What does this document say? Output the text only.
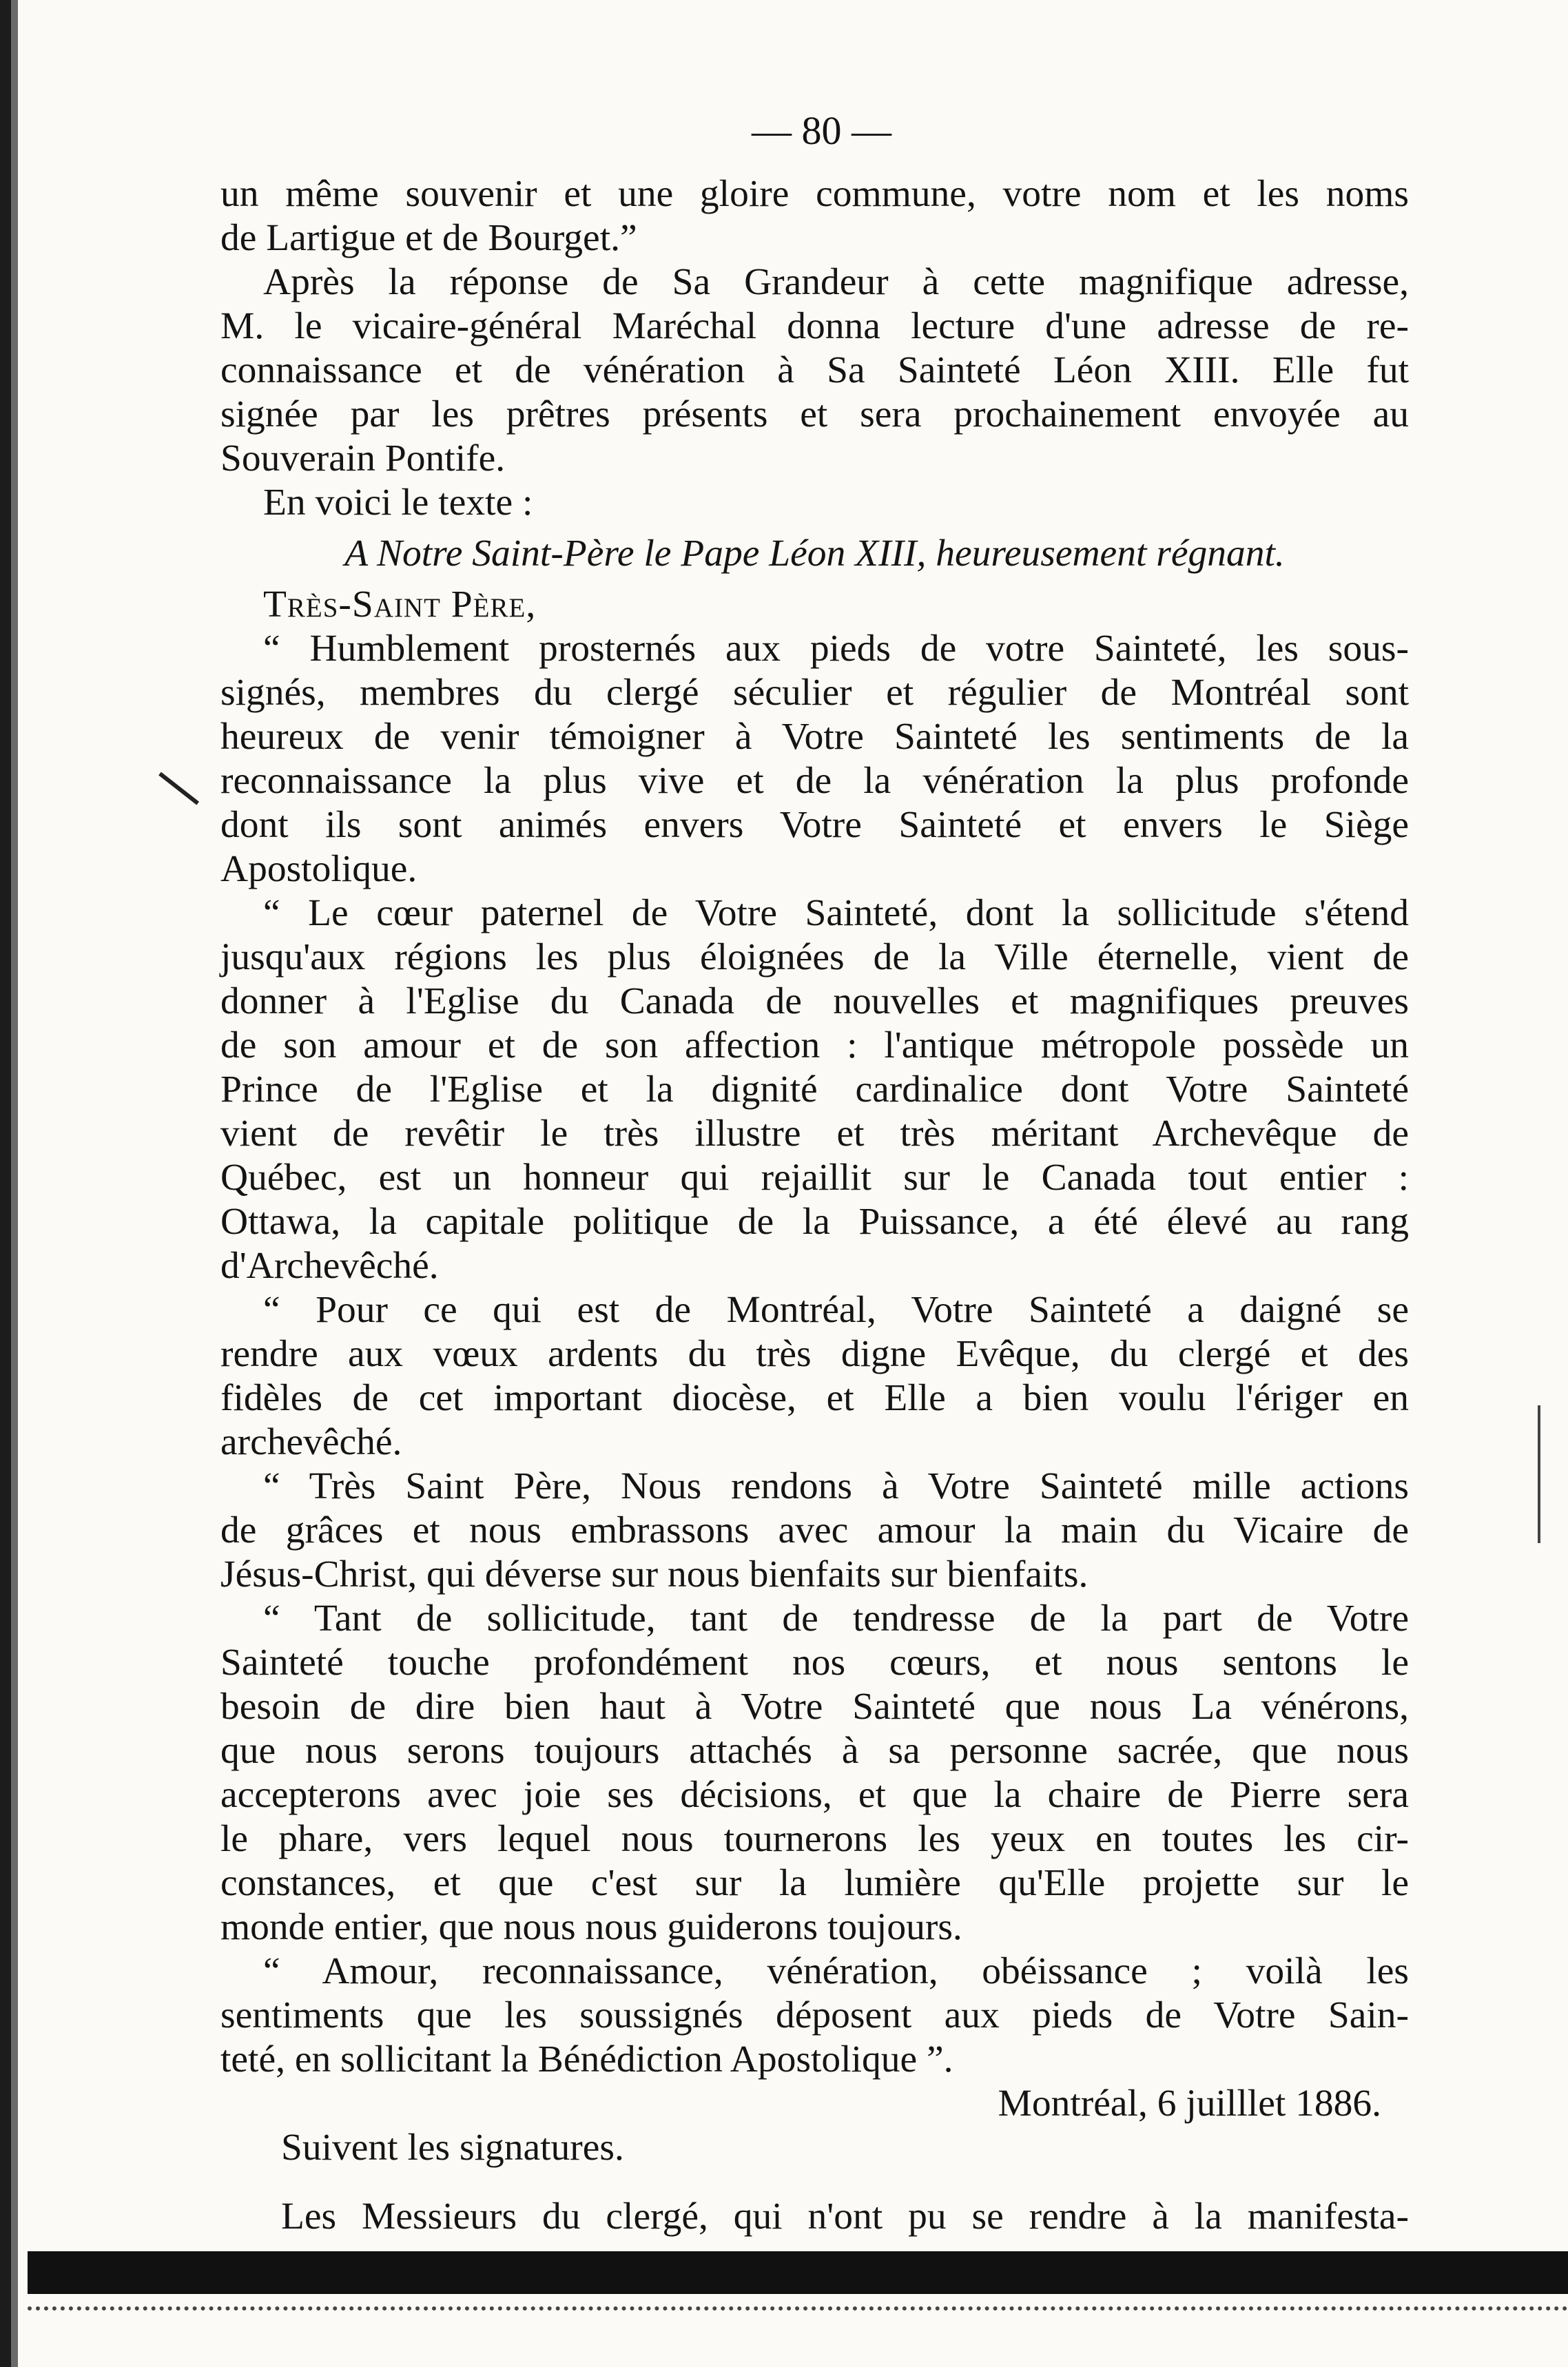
— 80 —

un même souvenir et une gloire commune, votre nom et les noms

de Lartigue et de Bourget.”

Après la réponse de Sa Grandeur à cette magnifique adresse,

M. le vicaire-général Maréchal donna lecture d'une adresse de re-

connaissance et de vénération à Sa Sainteté Léon XIII. Elle fut

signée par les prêtres présents et sera prochainement envoyée au

Souverain Pontife.

En voici le texte :

A Notre Saint-Père le Pape Léon XIII, heureusement régnant.

Très-Saint Père,

“ Humblement prosternés aux pieds de votre Sainteté, les sous-

signés, membres du clergé séculier et régulier de Montréal sont

heureux de venir témoigner à Votre Sainteté les sentiments de la

reconnaissance la plus vive et de la vénération la plus profonde

dont ils sont animés envers Votre Sainteté et envers le Siège

Apostolique.

“ Le cœur paternel de Votre Sainteté, dont la sollicitude s'étend

jusqu'aux régions les plus éloignées de la Ville éternelle, vient de

donner à l'Eglise du Canada de nouvelles et magnifiques preuves

de son amour et de son affection : l'antique métropole possède un

Prince de l'Eglise et la dignité cardinalice dont Votre Sainteté

vient de revêtir le très illustre et très méritant Archevêque de

Québec, est un honneur qui rejaillit sur le Canada tout entier :

Ottawa, la capitale politique de la Puissance, a été élevé au rang

d'Archevêché.

“ Pour ce qui est de Montréal, Votre Sainteté a daigné se

rendre aux vœux ardents du très digne Evêque, du clergé et des

fidèles de cet important diocèse, et Elle a bien voulu l'ériger en

archevêché.

“ Très Saint Père, Nous rendons à Votre Sainteté mille actions

de grâces et nous embrassons avec amour la main du Vicaire de

Jésus-Christ, qui déverse sur nous bienfaits sur bienfaits.

“ Tant de sollicitude, tant de tendresse de la part de Votre

Sainteté touche profondément nos cœurs, et nous sentons le

besoin de dire bien haut à Votre Sainteté que nous La vénérons,

que nous serons toujours attachés à sa personne sacrée, que nous

accepterons avec joie ses décisions, et que la chaire de Pierre sera

le phare, vers lequel nous tournerons les yeux en toutes les cir-

constances, et que c'est sur la lumière qu'Elle projette sur le

monde entier, que nous nous guiderons toujours.

“ Amour, reconnaissance, vénération, obéissance ; voilà les

sentiments que les soussignés déposent aux pieds de Votre Sain-

teté, en sollicitant la Bénédiction Apostolique ”.

Montréal, 6 juilllet 1886.

Suivent les signatures.

Les Messieurs du clergé, qui n'ont pu se rendre à la manifesta-
